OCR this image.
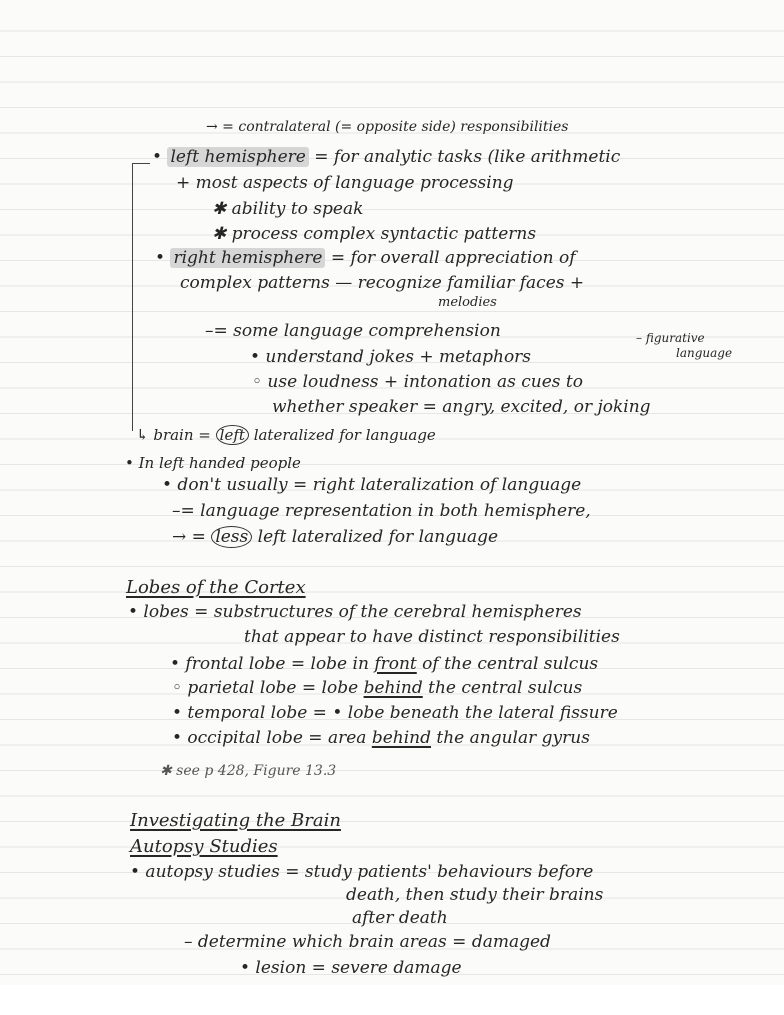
→ = contralateral (= opposite side) responsibilities
• left hemisphere = for analytic tasks (like arithmetic
+ most aspects of language processing
✱ ability to speak
✱ process complex syntactic patterns
• right hemisphere = for overall appreciation of
complex patterns — recognize familiar faces +
melodies
–= some language comprehension
• understand jokes + metaphors
– figurative
language
◦ use loudness + intonation as cues to
whether speaker = angry, excited, or joking
↳ brain = left lateralized for language
• In left handed people
• don't usually = right lateralization of language
–= language representation in both hemisphere,
→ = less left lateralized for language
Lobes of the Cortex
• lobes = substructures of the cerebral hemispheres
that appear to have distinct responsibilities
• frontal lobe = lobe in front of the central sulcus
◦ parietal lobe = lobe behind the central sulcus
• temporal lobe = • lobe beneath the lateral fissure
• occipital lobe = area behind the angular gyrus
✱ see p 428, Figure 13.3
Investigating the Brain
Autopsy Studies
• autopsy studies = study patients' behaviours before
death, then study their brains
after death
– determine which brain areas = damaged
• lesion = severe damage
